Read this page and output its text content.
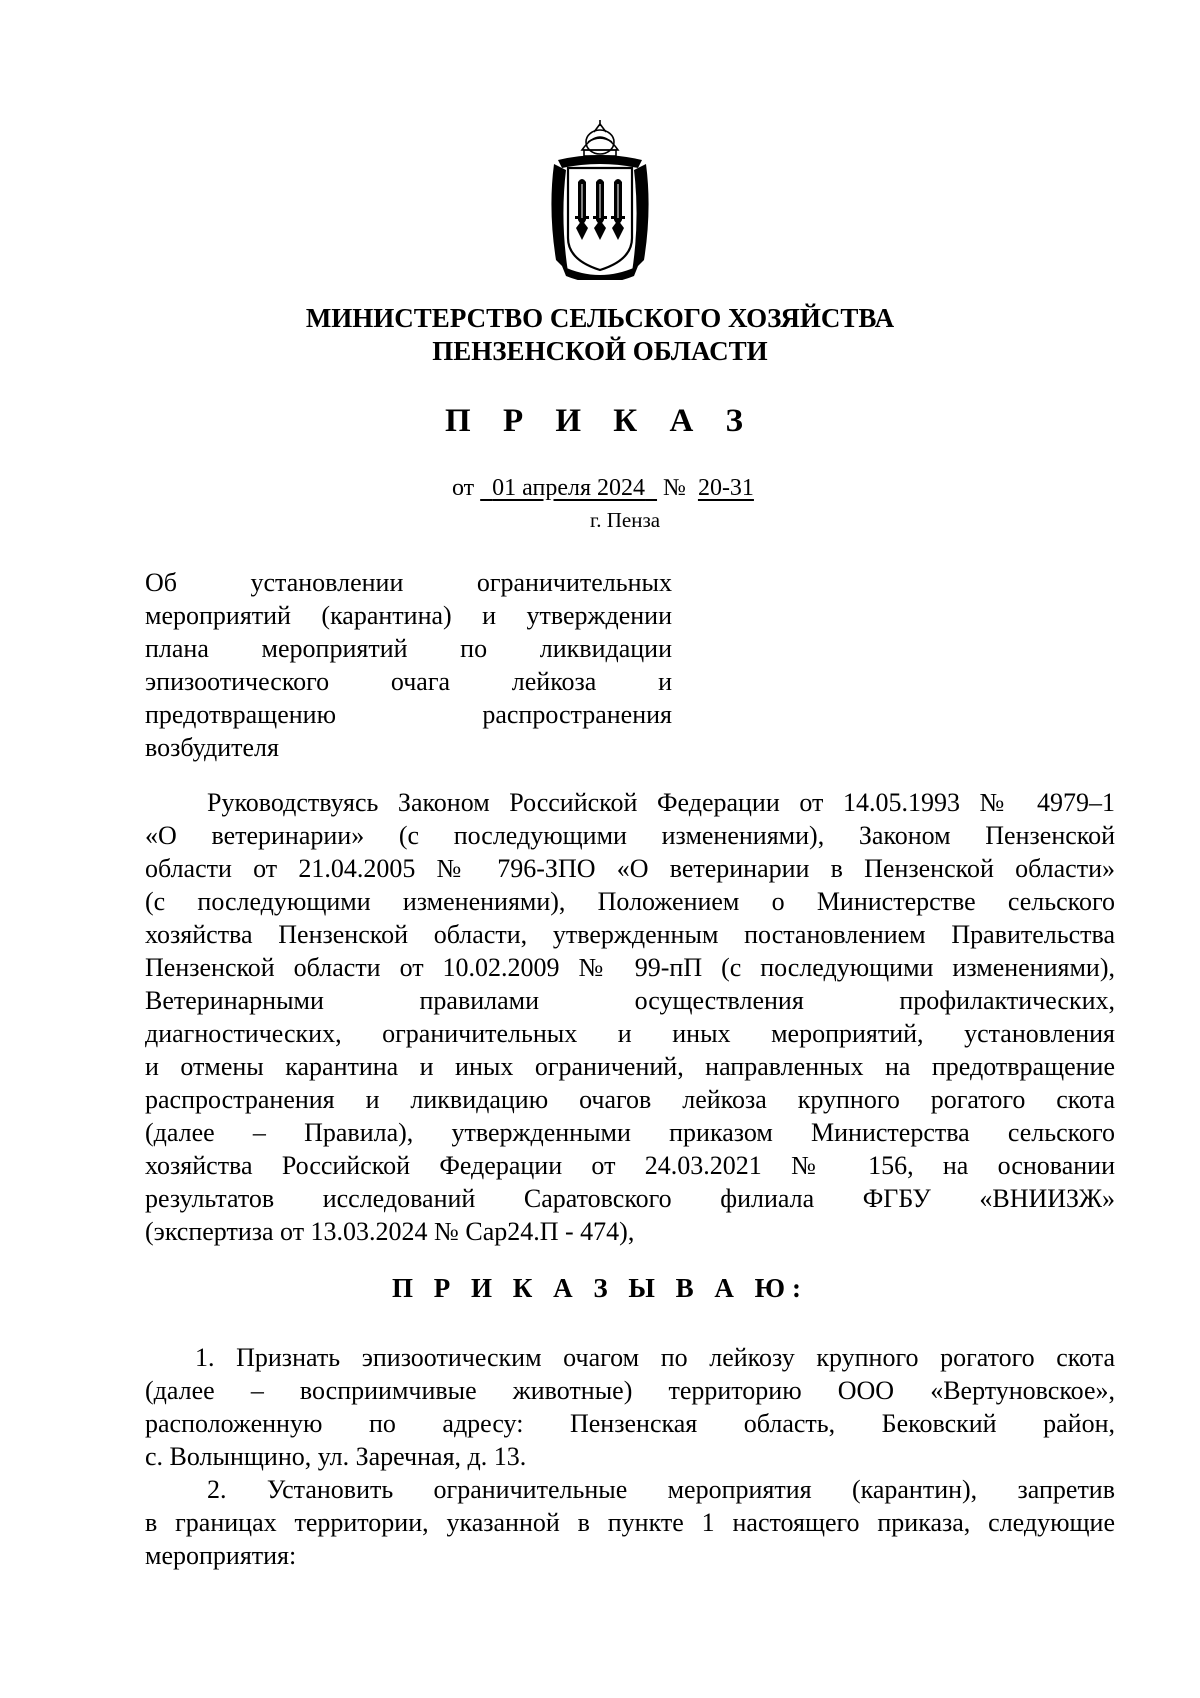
МИНИСТЕРСТВО СЕЛЬСКОГО ХОЗЯЙСТВА
ПЕНЗЕНСКОЙ ОБЛАСТИ
П Р И К А З
от 01 апреля 2024 № 20-31
г. Пенза
Об установлении ограничительных
мероприятий (карантина) и утверждении
плана мероприятий по ликвидации
эпизоотического очага лейкоза и
предотвращению распространения
возбудителя
Руководствуясь Законом Российской Федерации от 14.05.1993 № 4979–1
«О ветеринарии» (с последующими изменениями), Законом Пензенской
области от 21.04.2005 № 796-ЗПО «О ветеринарии в Пензенской области»
(с последующими изменениями), Положением о Министерстве сельского
хозяйства Пензенской области, утвержденным постановлением Правительства
Пензенской области от 10.02.2009 № 99-пП (с последующими изменениями),
Ветеринарными правилами осуществления профилактических,
диагностических, ограничительных и иных мероприятий, установления
и отмены карантина и иных ограничений, направленных на предотвращение
распространения и ликвидацию очагов лейкоза крупного рогатого скота
(далее – Правила), утвержденными приказом Министерства сельского
хозяйства Российской Федерации от 24.03.2021 № 156, на основании
результатов исследований Саратовского филиала ФГБУ «ВНИИЗЖ»
(экспертиза от 13.03.2024 № Сар24.П - 474),
П Р И К А З Ы В А Ю:
1. Признать эпизоотическим очагом по лейкозу крупного рогатого скота
(далее – восприимчивые животные) территорию ООО «Вертуновское»,
расположенную по адресу: Пензенская область, Бековский район,
с. Волынщино, ул. Заречная, д. 13.
2. Установить ограничительные мероприятия (карантин), запретив
в границах территории, указанной в пункте 1 настоящего приказа, следующие
мероприятия:
